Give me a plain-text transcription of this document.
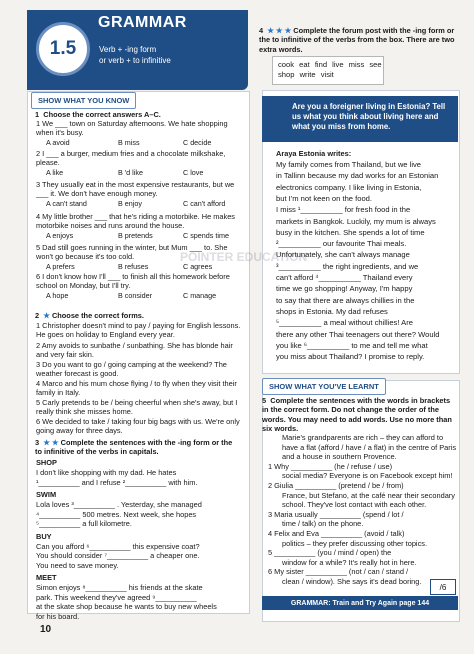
1.5
GRAMMAR
Verb + -ing form
or verb + to infinitive
SHOW WHAT YOU KNOW
1 Choose the correct answers A–C.
1 We ___ town on Saturday afternoons. We hate shopping when it's busy.
A avoid	B miss	C decide
2 I ___ a burger, medium fries and a chocolate milkshake, please.
A like	B 'd like	C love
3 They usually eat in the most expensive restaurants, but we ___ it. We don't have enough money.
A can't stand	B enjoy	C can't afford
4 My little brother ___ that he's riding a motorbike. He makes motorbike noises and runs around the house.
A enjoys	B pretends	C spends time
5 Dad still goes running in the winter, but Mum ___ to. She won't go because it's too cold.
A prefers	B refuses	C agrees
6 I don't know how I'll ___ to finish all this homework before school on Monday, but I'll try.
A hope	B consider	C manage
2 ★ Choose the correct forms.
1 Christopher doesn't mind to pay / paying for English lessons. He goes on holiday to England every year.
2 Amy avoids to sunbathe / sunbathing. She has blonde hair and very fair skin.
3 Do you want to go / going camping at the weekend? The weather forecast is good.
4 Marco and his mum chose flying / to fly when they visit their family in Italy.
5 Carly pretends to be / being cheerful when she's away, but I really think she misses home.
6 We decided to take / taking four big bags with us. We're only going away for three days.
3 ★ ★ Complete the sentences with the -ing form or the to infinitive of the verbs in capitals.
SHOP
I don't like shopping with my dad. He hates
¹__________ and I refuse ²__________ with him.
SWIM
Lola loves ³__________ . Yesterday, she managed
⁴__________ 500 metres. Next week, she hopes
⁵__________ a full kilometre.
BUY
Can you afford ⁶__________ this expensive coat?
You should consider ⁷__________ a cheaper one.
You need to save money.
MEET
Simon enjoys ⁸__________ his friends at the skate
park. This weekend they've agreed ⁹__________
at the skate shop because he wants to buy new wheels
for his board.
10
4 ★ ★ ★ Complete the forum post with the -ing form or the to infinitive of the verbs from the box. There are two extra words.
cook eat find live miss see shop write visit
Are you a foreigner living in Estonia? Tell us what you think about living here and what you miss from home.
Araya Estonia writes:
My family comes from Thailand, but we live
in Tallinn because my dad works for an Estonian
electronics company. I like living in Estonia,
but I'm not keen on the food.
I miss ¹__________ for fresh food in the
markets in Bangkok. Luckily, my mum is always
busy in the kitchen. She spends a lot of time
²__________ our favourite Thai meals.
Unfortunately, she can't always manage
³__________ the right ingredients, and we
can't afford ⁴__________ Thailand every
time we go shopping! Anyway, I'm happy
to say that there are always chillies in the
shops in Estonia. My dad refuses
⁵__________ a meal without chillies! Are
there any other Thai teenagers out there? Would
you like ⁶__________ to me and tell me what
you miss about Thailand? I promise to reply.
SHOW WHAT YOU'VE LEARNT
5 Complete the sentences with the words in brackets in the correct form. Do not change the order of the words. You may need to add words. Use no more than six words.
Marie's grandparents are rich – they can afford to
have a flat (afford / have / a flat) in the centre of Paris
and a house in southern Provence.
1 Why __________ (he / refuse / use)
social media? Everyone is on Facebook except him!
2 Giulia __________ (pretend / be / from)
France, but Stefano, at the café near their secondary
school. They've lost contact with each other.
3 Maria usually __________ (spend / lot /
time / talk) on the phone.
4 Felix and Eva __________ (avoid / talk)
politics – they prefer discussing other topics.
5 __________ (you / mind / open) the
window for a while? It's really hot in here.
6 My sister __________ (not / can / stand /
clean / window). She says it's dead boring.
/6
GRAMMAR: Train and Try Again page 144
POINTER EDUCATION
